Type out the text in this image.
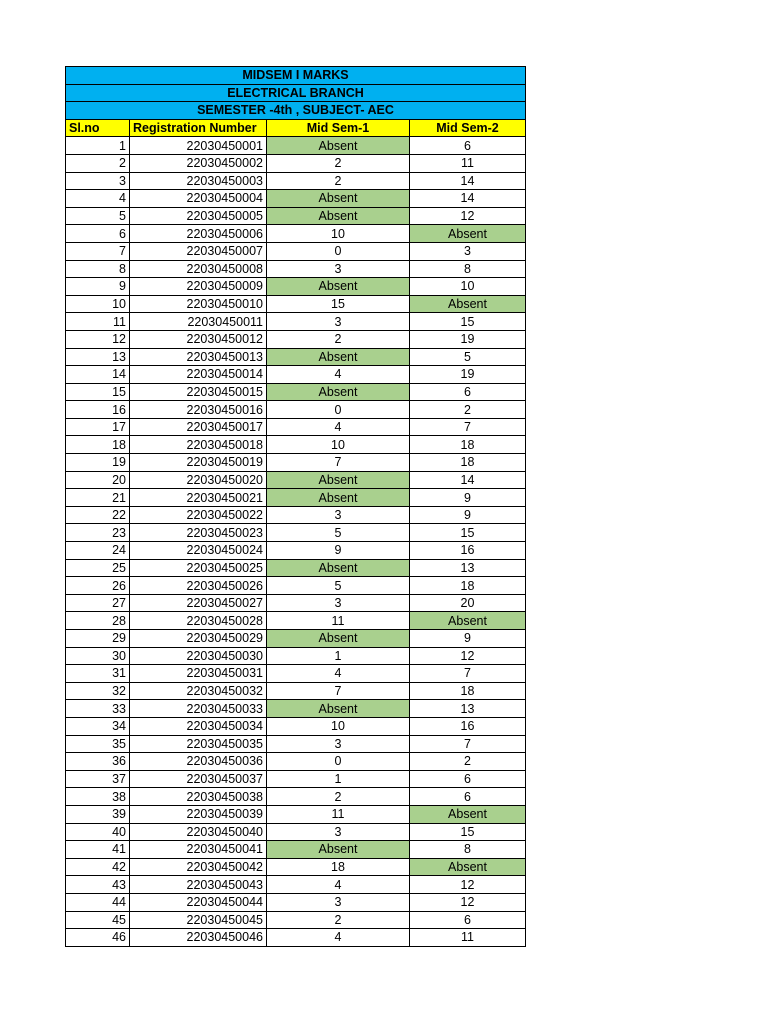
MIDSEM I MARKS			
ELECTRICAL BRANCH			
SEMESTER -4th , SUBJECT- AEC			
Sl.no	Registration Number	Mid Sem-1	Mid Sem-2
1	22030450001	Absent	6
2	22030450002	2	11
3	22030450003	2	14
4	22030450004	Absent	14
5	22030450005	Absent	12
6	22030450006	10	Absent
7	22030450007	0	3
8	22030450008	3	8
9	22030450009	Absent	10
10	22030450010	15	Absent
11	22030450011	3	15
12	22030450012	2	19
13	22030450013	Absent	5
14	22030450014	4	19
15	22030450015	Absent	6
16	22030450016	0	2
17	22030450017	4	7
18	22030450018	10	18
19	22030450019	7	18
20	22030450020	Absent	14
21	22030450021	Absent	9
22	22030450022	3	9
23	22030450023	5	15
24	22030450024	9	16
25	22030450025	Absent	13
26	22030450026	5	18
27	22030450027	3	20
28	22030450028	11	Absent
29	22030450029	Absent	9
30	22030450030	1	12
31	22030450031	4	7
32	22030450032	7	18
33	22030450033	Absent	13
34	22030450034	10	16
35	22030450035	3	7
36	22030450036	0	2
37	22030450037	1	6
38	22030450038	2	6
39	22030450039	11	Absent
40	22030450040	3	15
41	22030450041	Absent	8
42	22030450042	18	Absent
43	22030450043	4	12
44	22030450044	3	12
45	22030450045	2	6
46	22030450046	4	11
